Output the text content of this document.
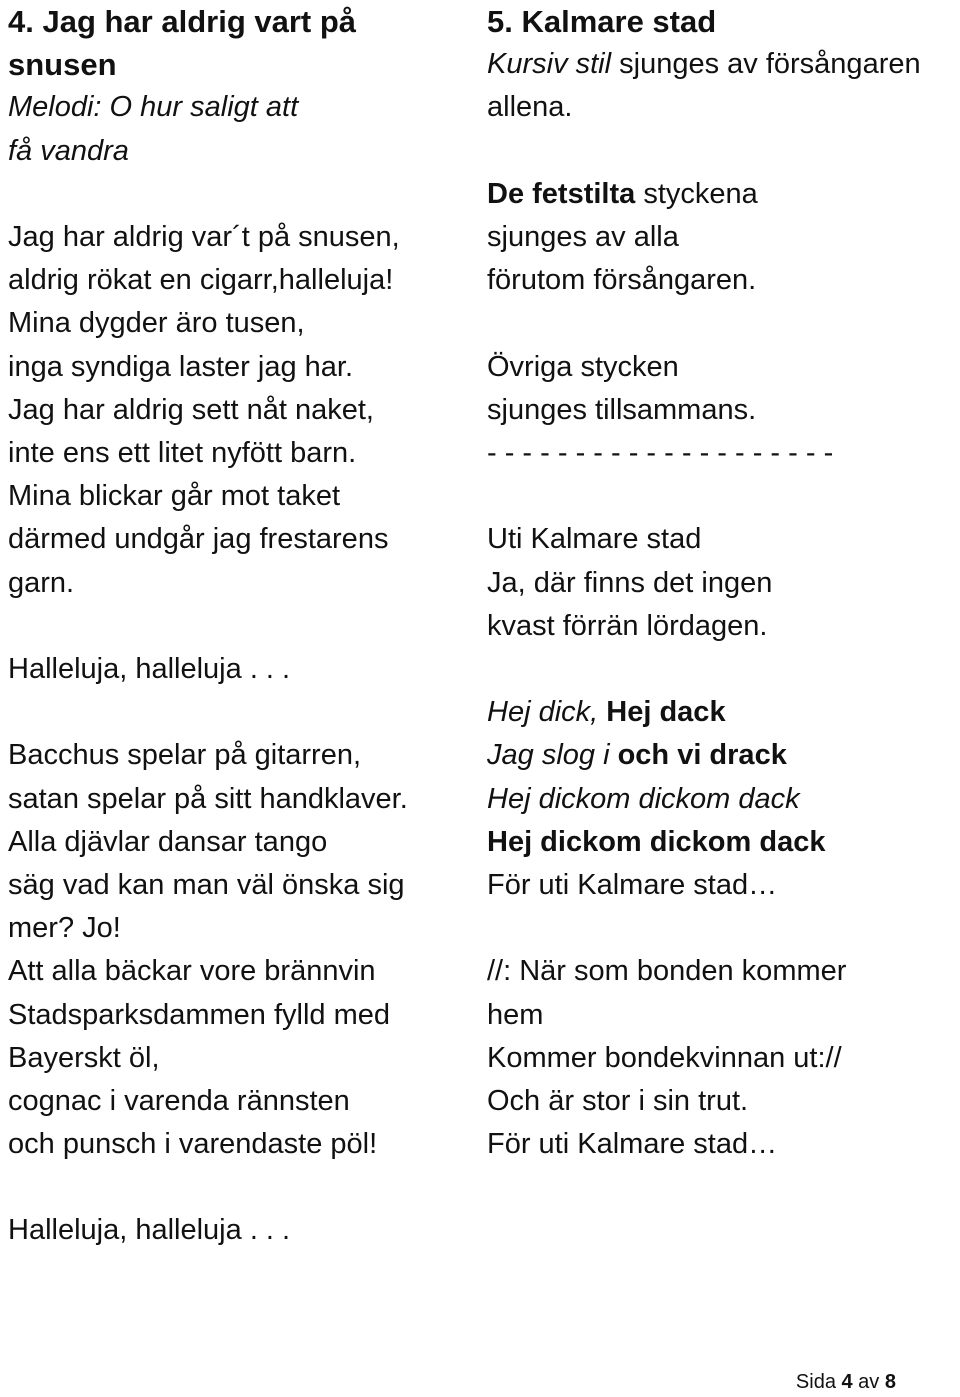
4. Jag har aldrig vart på
snusen
Melodi: O hur saligt att
få vandra
Jag har aldrig var´t på snusen,
aldrig rökat en cigarr,halleluja!
Mina dygder äro tusen,
inga syndiga laster jag har.
Jag har aldrig sett nåt naket,
inte ens ett litet nyfött barn.
Mina blickar går mot taket
därmed undgår jag frestarens
garn.
Halleluja, halleluja . . .
Bacchus spelar på gitarren,
satan spelar på sitt handklaver.
Alla djävlar dansar tango
säg vad kan man väl önska sig
mer? Jo!
Att alla bäckar vore brännvin
Stadsparksdammen fylld med
Bayerskt öl,
cognac i varenda rännsten
och punsch i varendaste pöl!
Halleluja, halleluja . . .
5. Kalmare stad
Kursiv stil sjunges av försångaren
allena.
De fetstilta styckena
sjunges av alla
förutom försångaren.
Övriga stycken
sjunges tillsammans.
- - - - - - - - - - - - - - - - - - - -
Uti Kalmare stad
Ja, där finns det ingen
kvast förrän lördagen.
Hej dick, Hej dack
Jag slog i och vi drack
Hej dickom dickom dack
Hej dickom dickom dack
För uti Kalmare stad…
//: När som bonden kommer
hem
Kommer bondekvinnan ut://
Och är stor i sin trut.
För uti Kalmare stad…
Sida 4 av 8
